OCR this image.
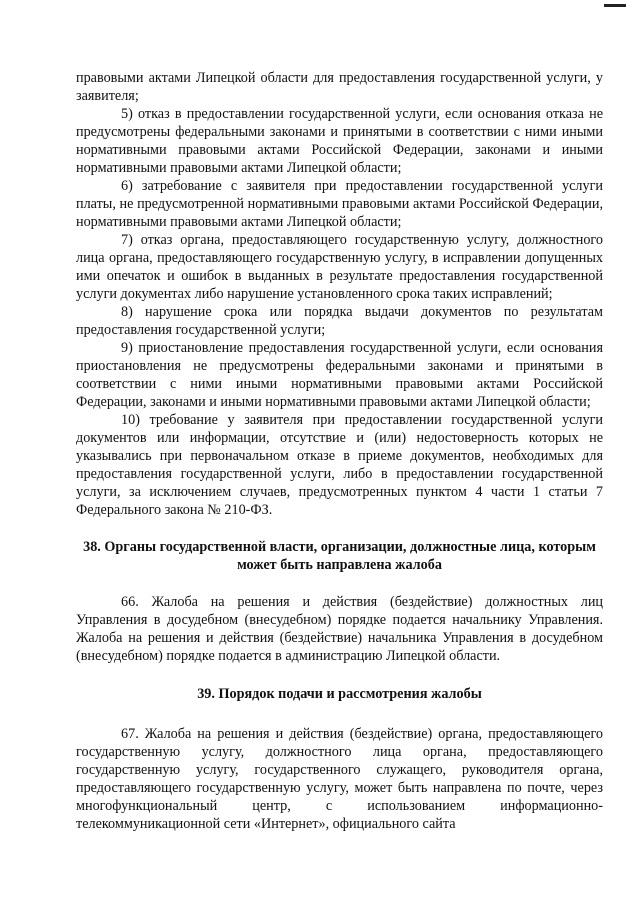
правовыми актами Липецкой области для предоставления государственной услуги, у заявителя;

5) отказ в предоставлении государственной услуги, если основания отказа не предусмотрены федеральными законами и принятыми в соответствии с ними иными нормативными правовыми актами Российской Федерации, законами и иными нормативными правовыми актами Липецкой области;

6) затребование с заявителя при предоставлении государственной услуги платы, не предусмотренной нормативными правовыми актами Российской Федерации, нормативными правовыми актами Липецкой области;

7) отказ органа, предоставляющего государственную услугу, должностного лица органа, предоставляющего государственную услугу, в исправлении допущенных ими опечаток и ошибок в выданных в результате предоставления государственной услуги документах либо нарушение установленного срока таких исправлений;

8) нарушение срока или порядка выдачи документов по результатам предоставления государственной услуги;

9) приостановление предоставления государственной услуги, если основания приостановления не предусмотрены федеральными законами и принятыми в соответствии с ними иными нормативными правовыми актами Российской Федерации, законами и иными нормативными правовыми актами Липецкой области;

10) требование у заявителя при предоставлении государственной услуги документов или информации, отсутствие и (или) недостоверность которых не указывались при первоначальном отказе в приеме документов, необходимых для предоставления государственной услуги, либо в предоставлении государственной услуги, за исключением случаев, предусмотренных пунктом 4 части 1 статьи 7 Федерального закона № 210-ФЗ.

38. Органы государственной власти, организации, должностные лица, которым может быть направлена жалоба

66. Жалоба на решения и действия (бездействие) должностных лиц Управления в досудебном (внесудебном) порядке подается начальнику Управления. Жалоба на решения и действия (бездействие) начальника Управления в досудебном (внесудебном) порядке подается в администрацию Липецкой области.

39. Порядок подачи и рассмотрения жалобы

67. Жалоба на решения и действия (бездействие) органа, предоставляющего государственную услугу, должностного лица органа, предоставляющего государственную услугу, государственного служащего, руководителя органа, предоставляющего государственную услугу, может быть направлена по почте, через многофункциональный центр, с использованием информационно-телекоммуникационной сети «Интернет», официального сайта
